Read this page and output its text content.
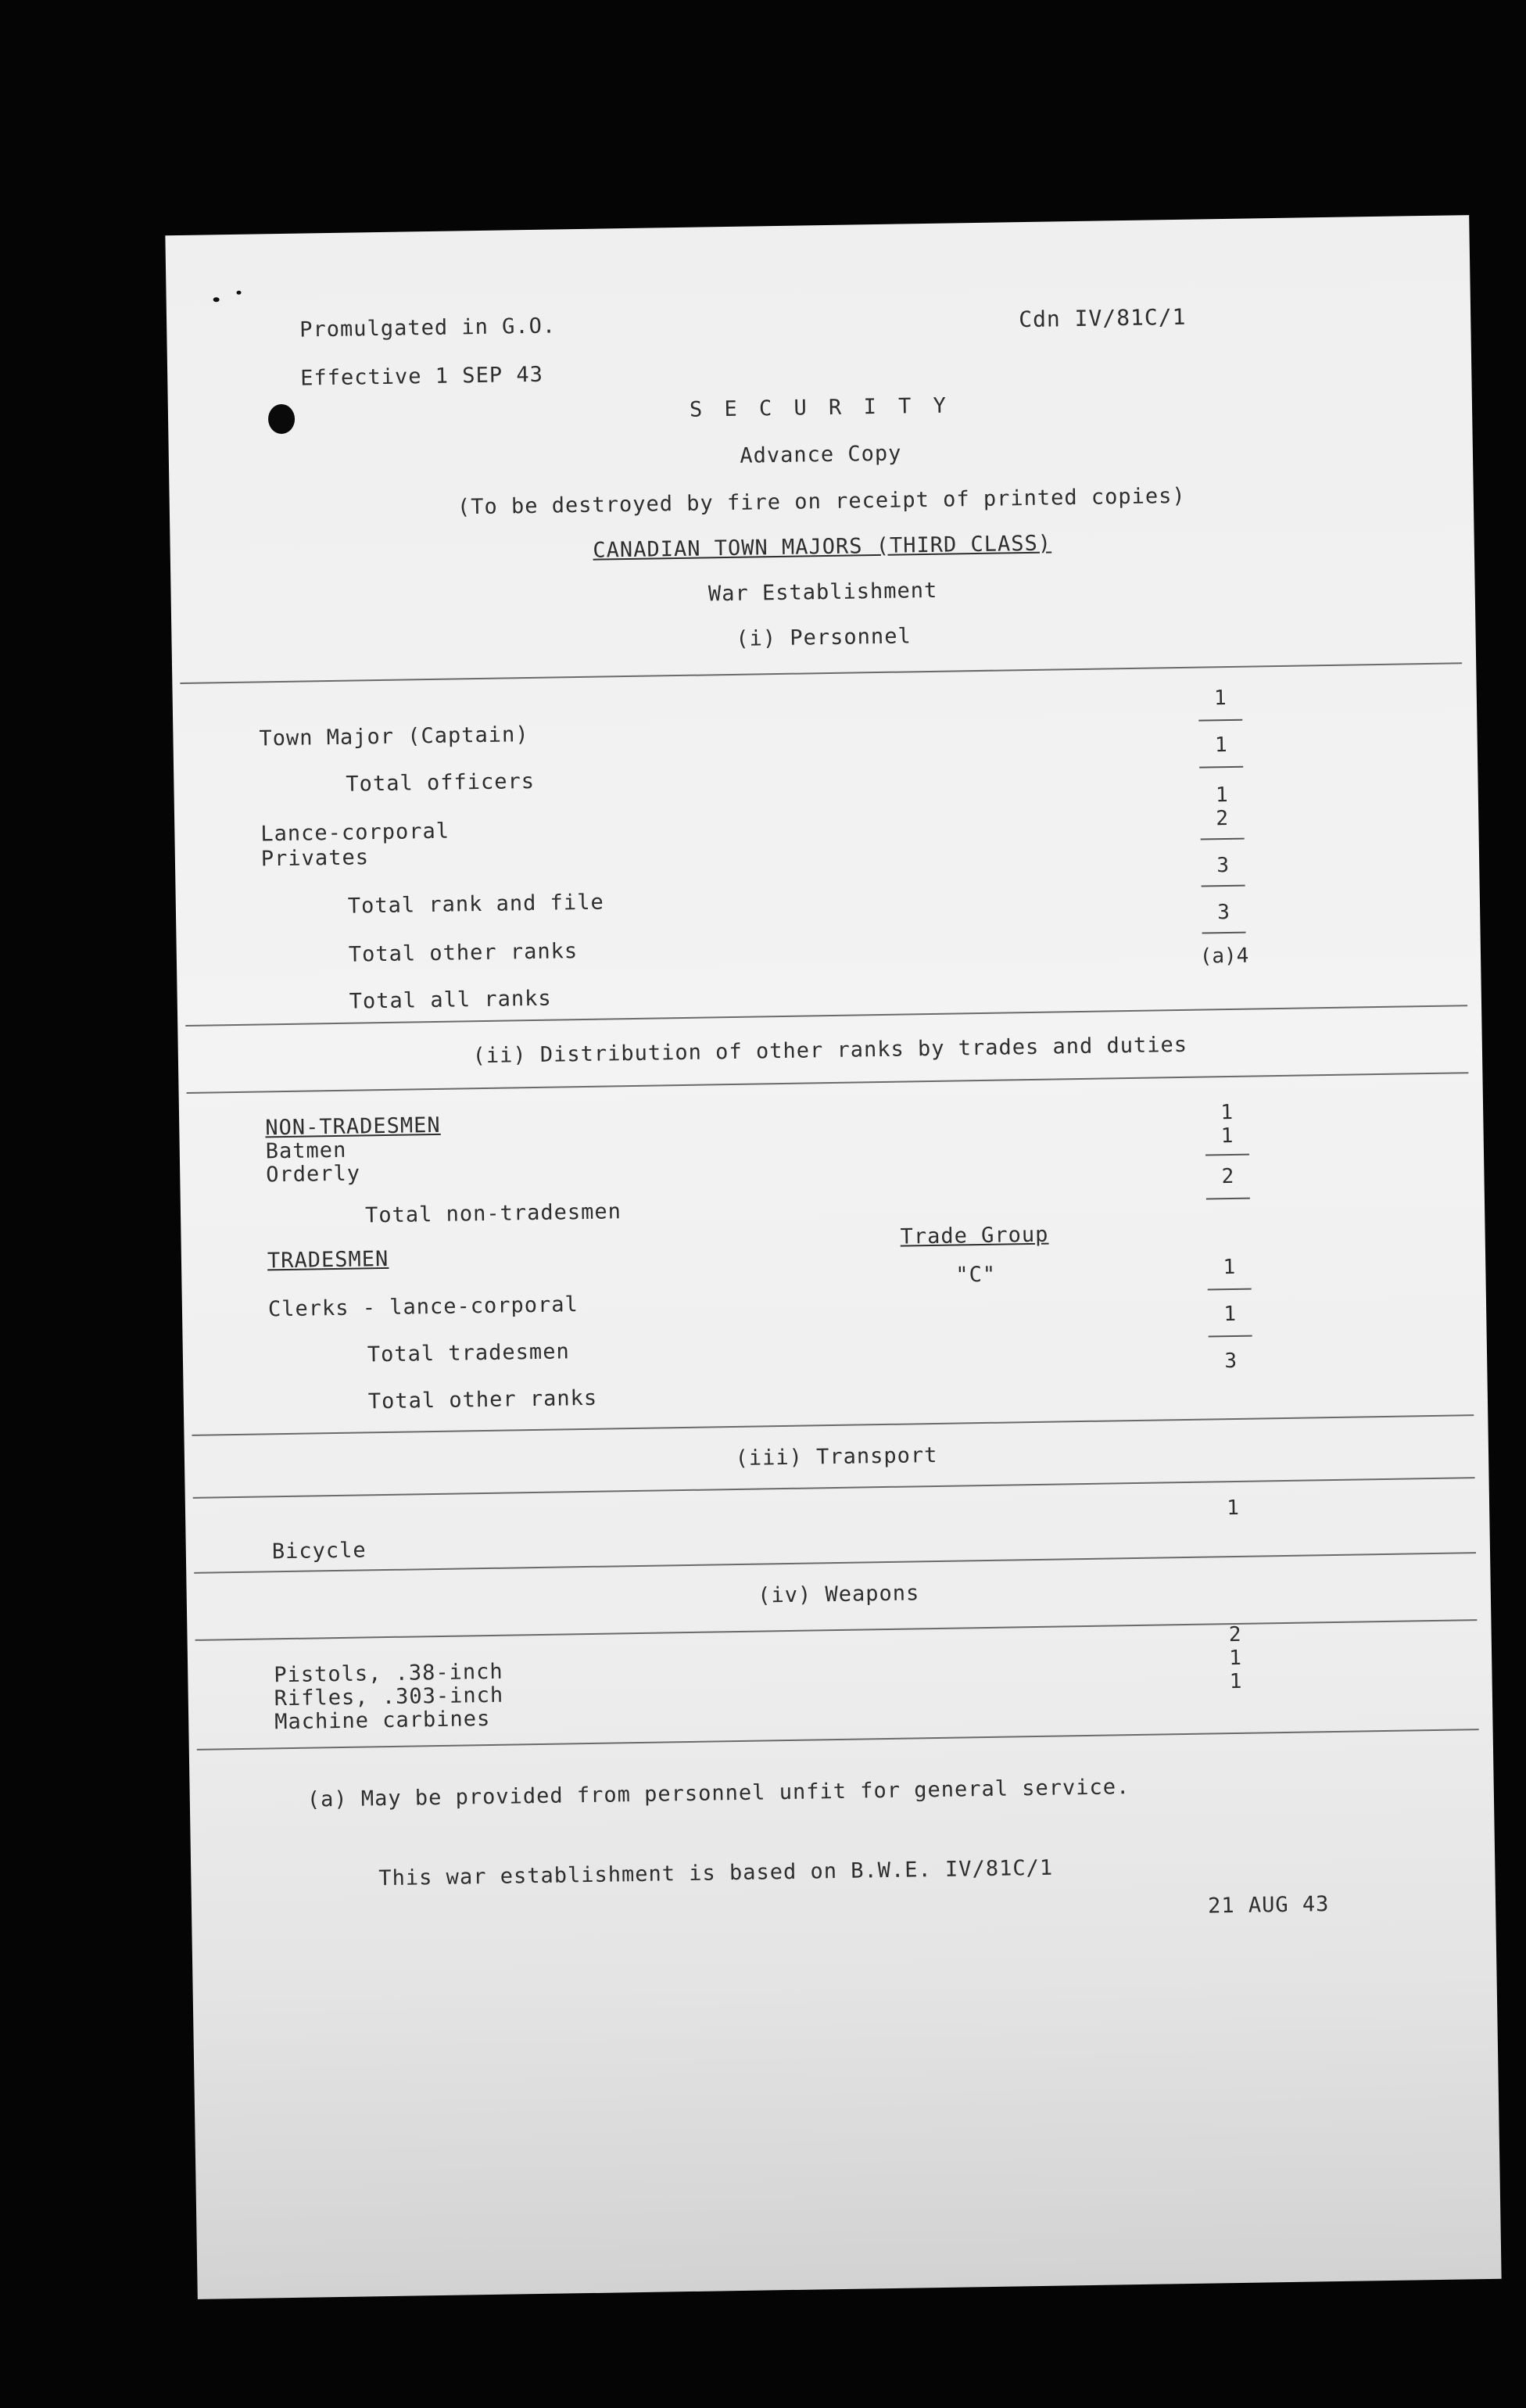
Promulgated in G.O.
Effective 1 SEP 43
Cdn IV/81C/1
S E C U R I T Y
Advance Copy
(To be destroyed by fire on receipt of printed copies)
CANADIAN TOWN MAJORS (THIRD CLASS)
War Establishment
(i) Personnel
Town Major (Captain)
1
Total officers
1
Lance-corporal
1
Privates
2
Total rank and file
3
Total other ranks
3
Total all ranks
(a)4
(ii) Distribution of other ranks by trades and duties
NON-TRADESMEN
Batmen
1
Orderly
1
Total non-tradesmen
2
TRADESMEN
Trade Group
Clerks - lance-corporal
"C"	1
Total tradesmen
1
Total other ranks
3
(iii) Transport
Bicycle
1
(iv) Weapons
Pistols, .38-inch
2
Rifles, .303-inch
1
Machine carbines
1
(a) May be provided from personnel unfit for general service.
This war establishment is based on B.W.E. IV/81C/1
21 AUG 43
